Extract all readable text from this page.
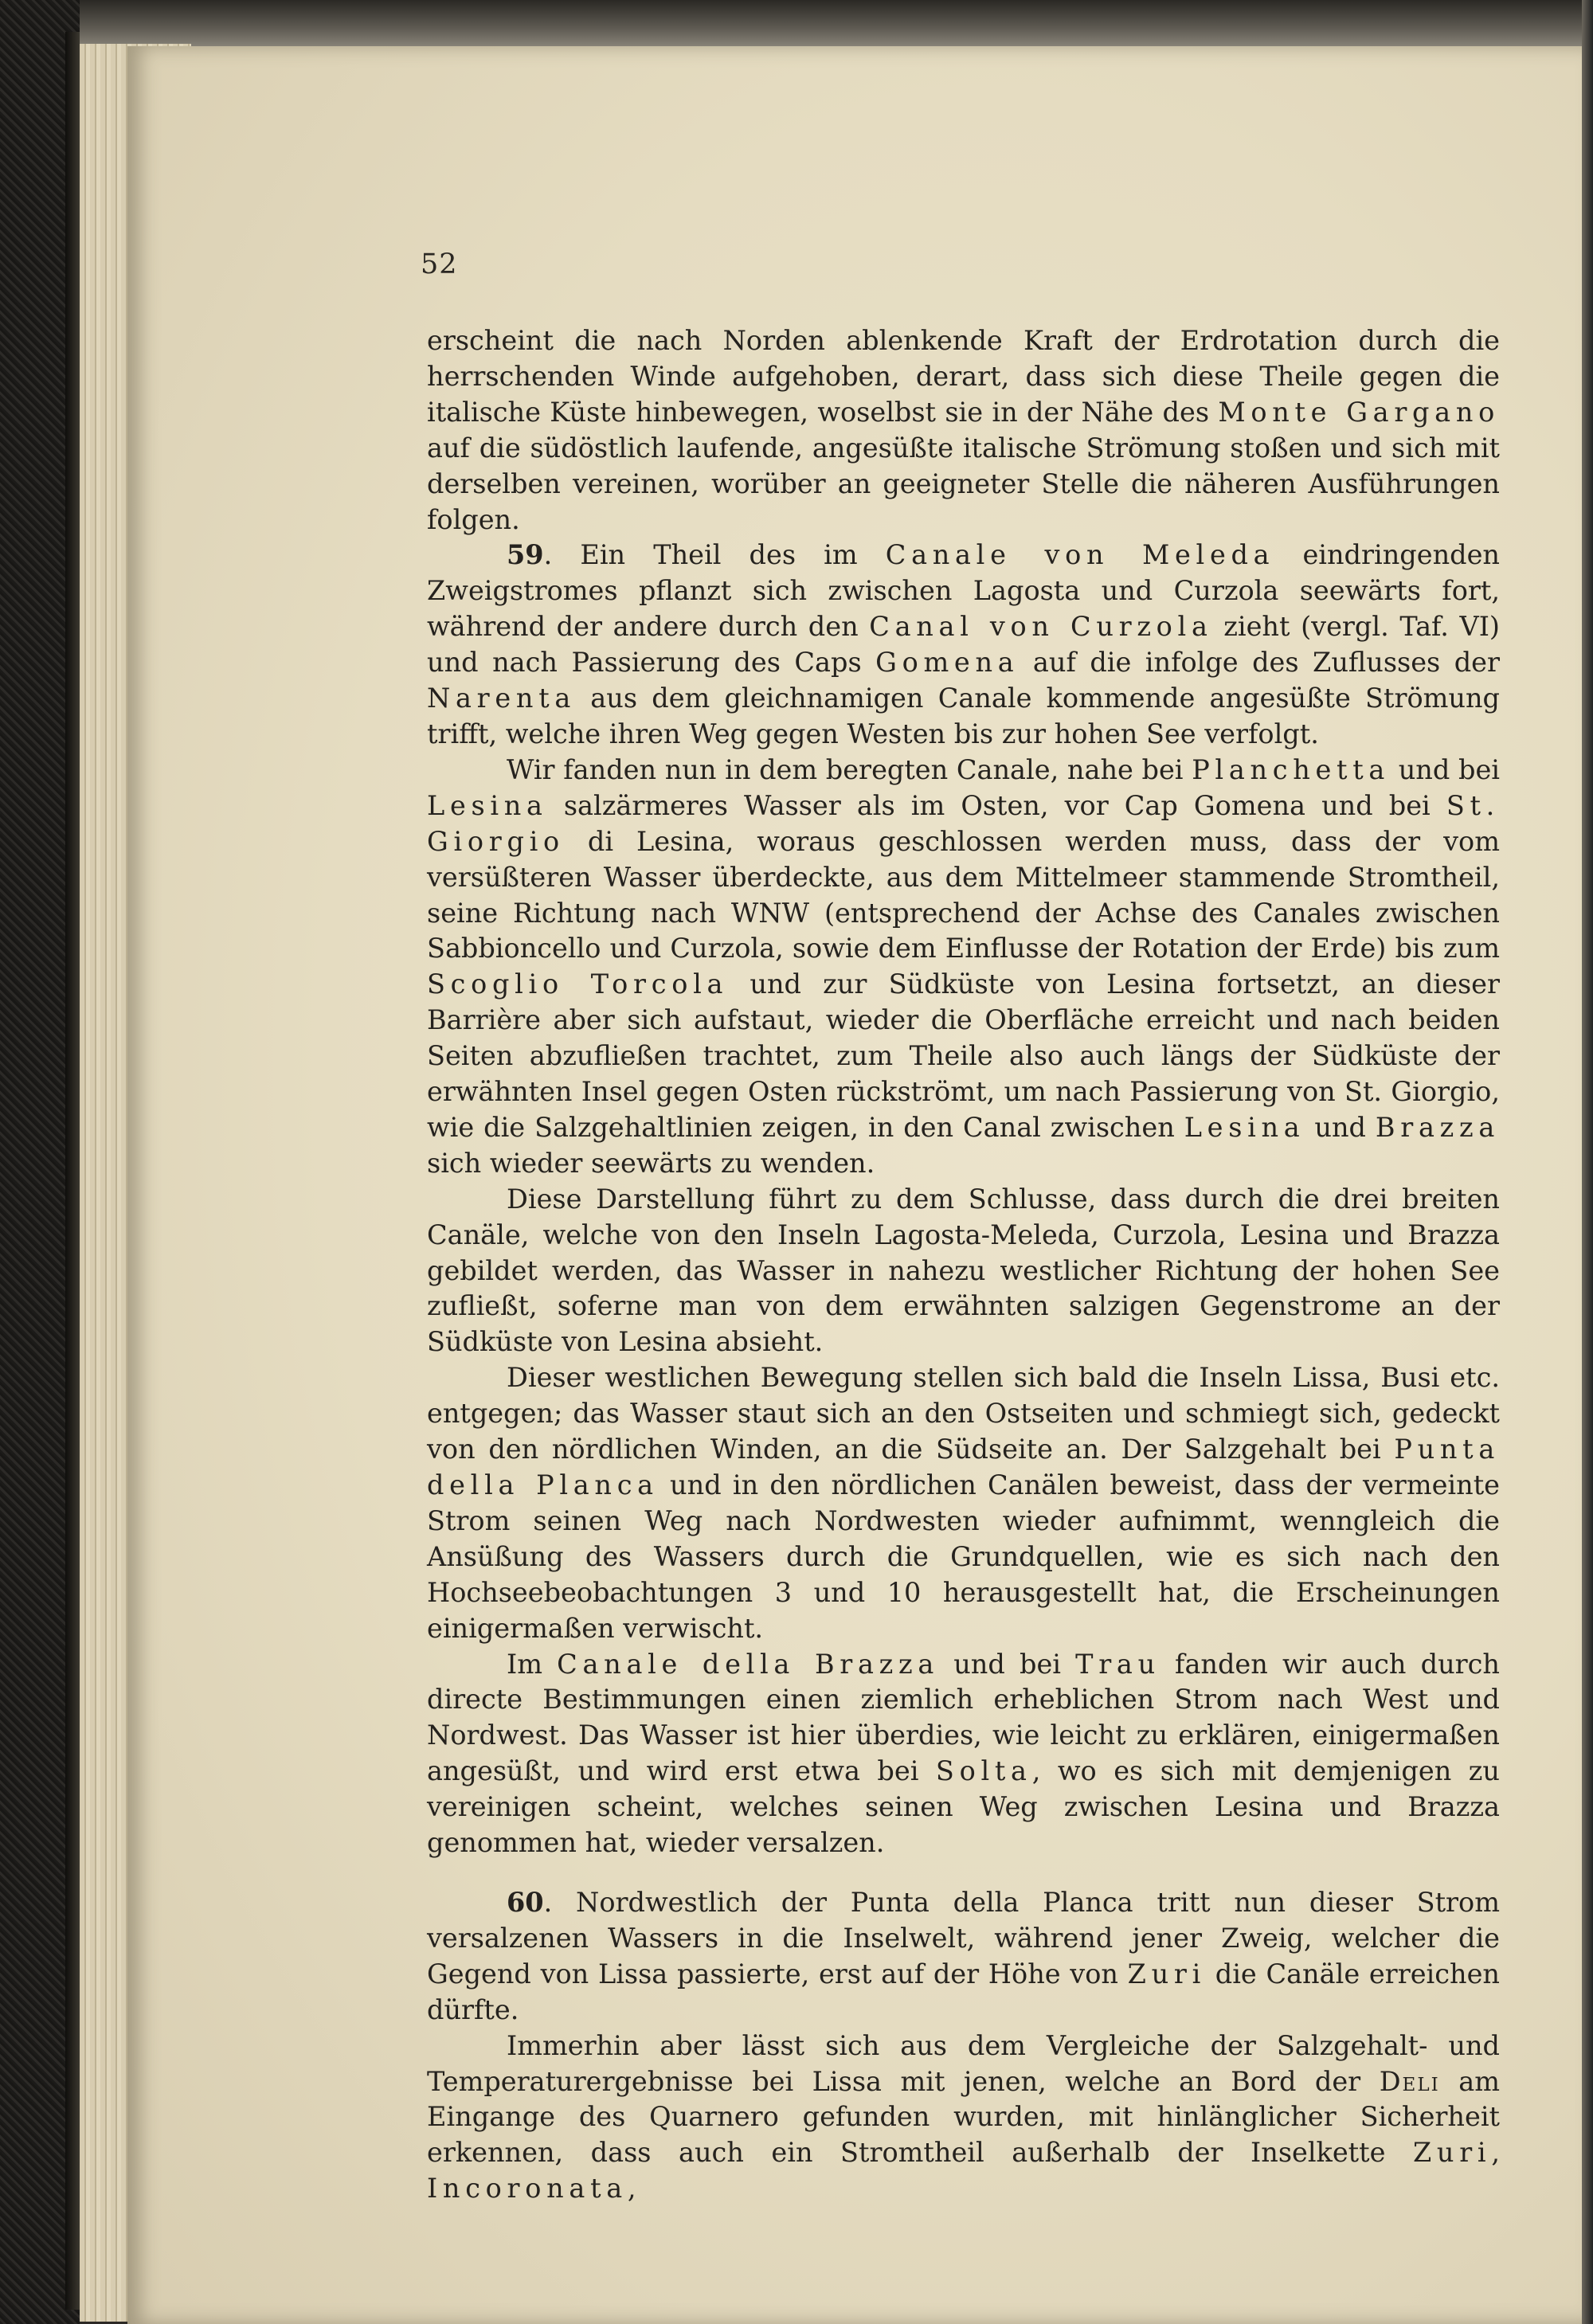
52

erscheint die nach Norden ablenkende Kraft der Erdrotation durch die herrschenden Winde aufgehoben, derart, dass sich diese Theile gegen die italische Küste hinbewegen, woselbst sie in der Nähe des Monte Gargano auf die südöstlich laufende, angesüßte italische Strömung stoßen und sich mit derselben vereinen, worüber an geeigneter Stelle die näheren Ausführungen folgen.

59. Ein Theil des im Canale von Meleda eindringenden Zweigstromes pflanzt sich zwischen Lagosta und Curzola seewärts fort, während der andere durch den Canal von Curzola zieht (vergl. Taf. VI) und nach Passierung des Caps Gomena auf die infolge des Zuflusses der Narenta aus dem gleichnamigen Canale kommende angesüßte Strömung trifft, welche ihren Weg gegen Westen bis zur hohen See verfolgt.

Wir fanden nun in dem beregten Canale, nahe bei Planchetta und bei Lesina salzärmeres Wasser als im Osten, vor Cap Gomena und bei St. Giorgio di Lesina, woraus geschlossen werden muss, dass der vom versüßteren Wasser überdeckte, aus dem Mittelmeer stammende Stromtheil, seine Richtung nach WNW (entsprechend der Achse des Canales zwischen Sabbioncello und Curzola, sowie dem Einflusse der Rotation der Erde) bis zum Scoglio Torcola und zur Südküste von Lesina fortsetzt, an dieser Barrière aber sich aufstaut, wieder die Oberfläche erreicht und nach beiden Seiten abzufließen trachtet, zum Theile also auch längs der Südküste der erwähnten Insel gegen Osten rückströmt, um nach Passierung von St. Giorgio, wie die Salzgehaltlinien zeigen, in den Canal zwischen Lesina und Brazza sich wieder seewärts zu wenden.

Diese Darstellung führt zu dem Schlusse, dass durch die drei breiten Canäle, welche von den Inseln Lagosta-Meleda, Curzola, Lesina und Brazza gebildet werden, das Wasser in nahezu westlicher Richtung der hohen See zufließt, soferne man von dem erwähnten salzigen Gegenstrome an der Südküste von Lesina absieht.

Dieser westlichen Bewegung stellen sich bald die Inseln Lissa, Busi etc. entgegen; das Wasser staut sich an den Ostseiten und schmiegt sich, gedeckt von den nördlichen Winden, an die Südseite an. Der Salzgehalt bei Punta della Planca und in den nördlichen Canälen beweist, dass der vermeinte Strom seinen Weg nach Nordwesten wieder aufnimmt, wenngleich die Ansüßung des Wassers durch die Grundquellen, wie es sich nach den Hochseebeobachtungen 3 und 10 herausgestellt hat, die Erscheinungen einigermaßen verwischt.

Im Canale della Brazza und bei Trau fanden wir auch durch directe Bestimmungen einen ziemlich erheblichen Strom nach West und Nordwest. Das Wasser ist hier überdies, wie leicht zu erklären, einigermaßen angesüßt, und wird erst etwa bei Solta, wo es sich mit demjenigen zu vereinigen scheint, welches seinen Weg zwischen Lesina und Brazza genommen hat, wieder versalzen.

60. Nordwestlich der Punta della Planca tritt nun dieser Strom versalzenen Wassers in die Inselwelt, während jener Zweig, welcher die Gegend von Lissa passierte, erst auf der Höhe von Zuri die Canäle erreichen dürfte.

Immerhin aber lässt sich aus dem Vergleiche der Salzgehalt- und Temperaturergebnisse bei Lissa mit jenen, welche an Bord der Deli am Eingange des Quarnero gefunden wurden, mit hinlänglicher Sicherheit erkennen, dass auch ein Stromtheil außerhalb der Inselkette Zuri, Incoronata,
